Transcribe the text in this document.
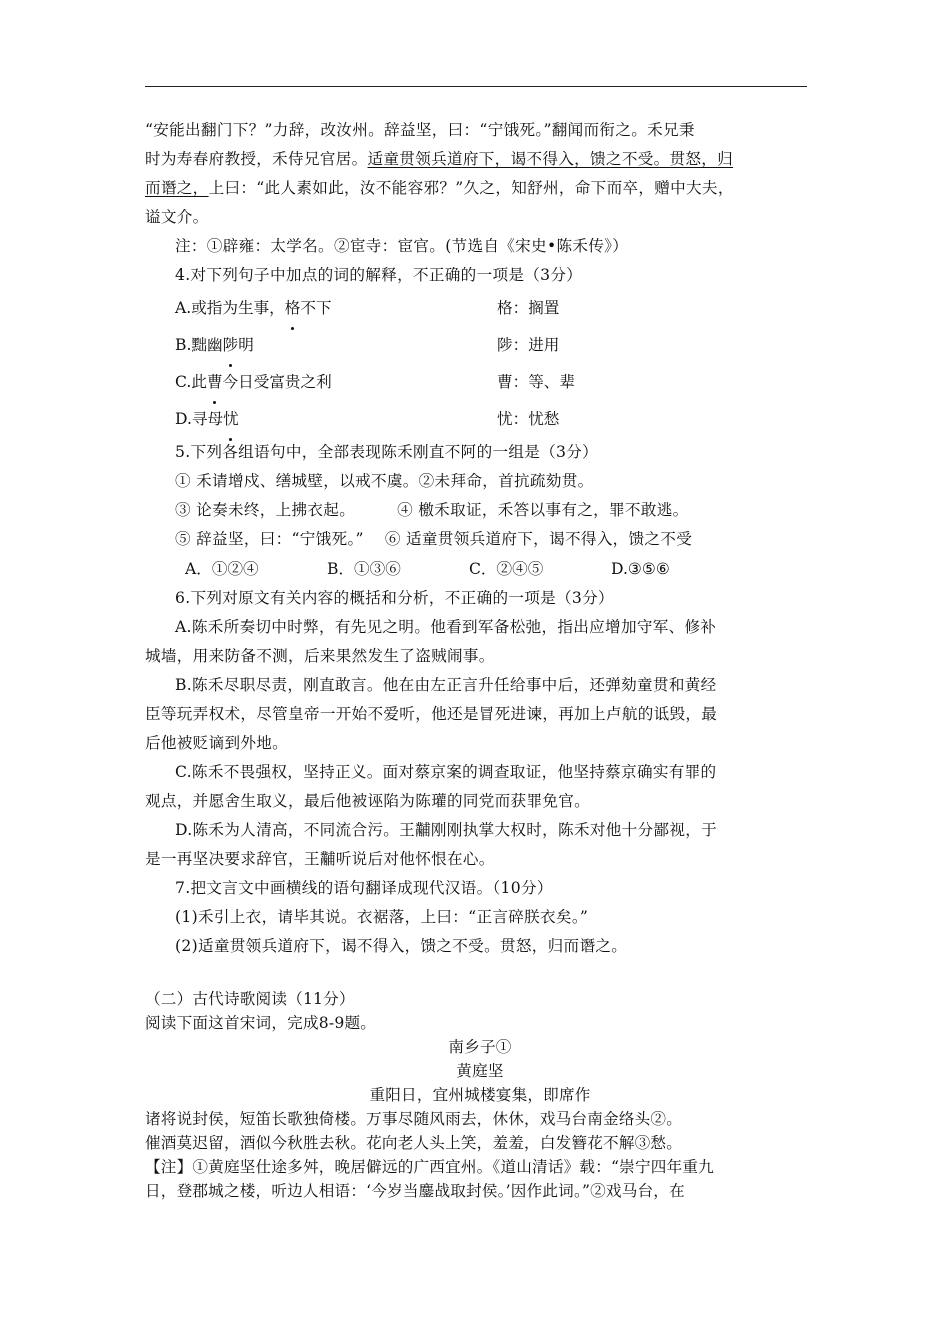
“安能出翻门下？”力辞，改汝州。辞益坚，曰：“宁饿死。”翻闻而衔之。禾兄秉

时为寿春府教授，禾侍兄官居。适童贯领兵道府下，谒不得入，馈之不受。贯怒，归

而谮之，上曰：“此人素如此，汝不能容邪？”久之，知舒州，命下而卒，赠中大夫，

谥文介。

注：①辟雍：太学名。②宦寺：宦官。(节选自《宋史•陈禾传》）

4.对下列句子中加点的词的解释，不正确的一项是（3分）

A.或指为生事，格不下	格：搁置
B.黜幽陟明	陟：进用
C.此曹今日受富贵之利	曹：等、辈
D.寻母忧	忧：忧愁

5.下列各组语句中，全部表现陈禾刚直不阿的一组是（3分）

① 禾请增戍、缮城壁，以戒不虞。②未拜命，首抗疏劾贯。

③ 论奏未终，上拂衣起。        ④ 檄禾取证，禾答以事有之，罪不敢逃。

⑤ 辞益坚，曰：“宁饿死。”    ⑥ 适童贯领兵道府下，谒不得入，馈之不受

A．①②④	B．①③⑥	C．②④⑤	D.③⑤⑥

6.下列对原文有关内容的概括和分析，不正确的一项是（3分）

A.陈禾所奏切中时弊，有先见之明。他看到军备松弛，指出应增加守军、修补

城墙，用来防备不测，后来果然发生了盗贼闹事。

B.陈禾尽职尽责，刚直敢言。他在由左正言升任给事中后，还弹劾童贯和黄经

臣等玩弄权术，尽管皇帝一开始不爱听，他还是冒死进谏，再加上卢航的诋毁，最

后他被贬谪到外地。

C.陈禾不畏强权，坚持正义。面对蔡京案的调查取证，他坚持蔡京确实有罪的

观点，并愿舍生取义，最后他被诬陷为陈瓘的同党而获罪免官。

D.陈禾为人清高，不同流合污。王黼刚刚执掌大权时，陈禾对他十分鄙视，于

是一再坚决要求辞官，王黼听说后对他怀恨在心。

7.把文言文中画横线的语句翻译成现代汉语。（10分）

(1)禾引上衣，请毕其说。衣裾落，上曰：“正言碎朕衣矣。”

(2)适童贯领兵道府下，谒不得入，馈之不受。贯怒，归而谮之。

（二）古代诗歌阅读（11分）

阅读下面这首宋词，完成8-9题。

南乡子①

黄庭坚

重阳日，宜州城楼宴集，即席作

诸将说封侯，短笛长歌独倚楼。万事尽随风雨去，休休，戏马台南金络头②。

催酒莫迟留，酒似今秋胜去秋。花向老人头上笑，羞羞，白发簪花不解③愁。

【注】①黄庭坚仕途多舛，晚居僻远的广西宜州。《道山清话》载：“崇宁四年重九

日，登郡城之楼，听边人相语：‘今岁当鏖战取封侯。’因作此词。”②戏马台，在
